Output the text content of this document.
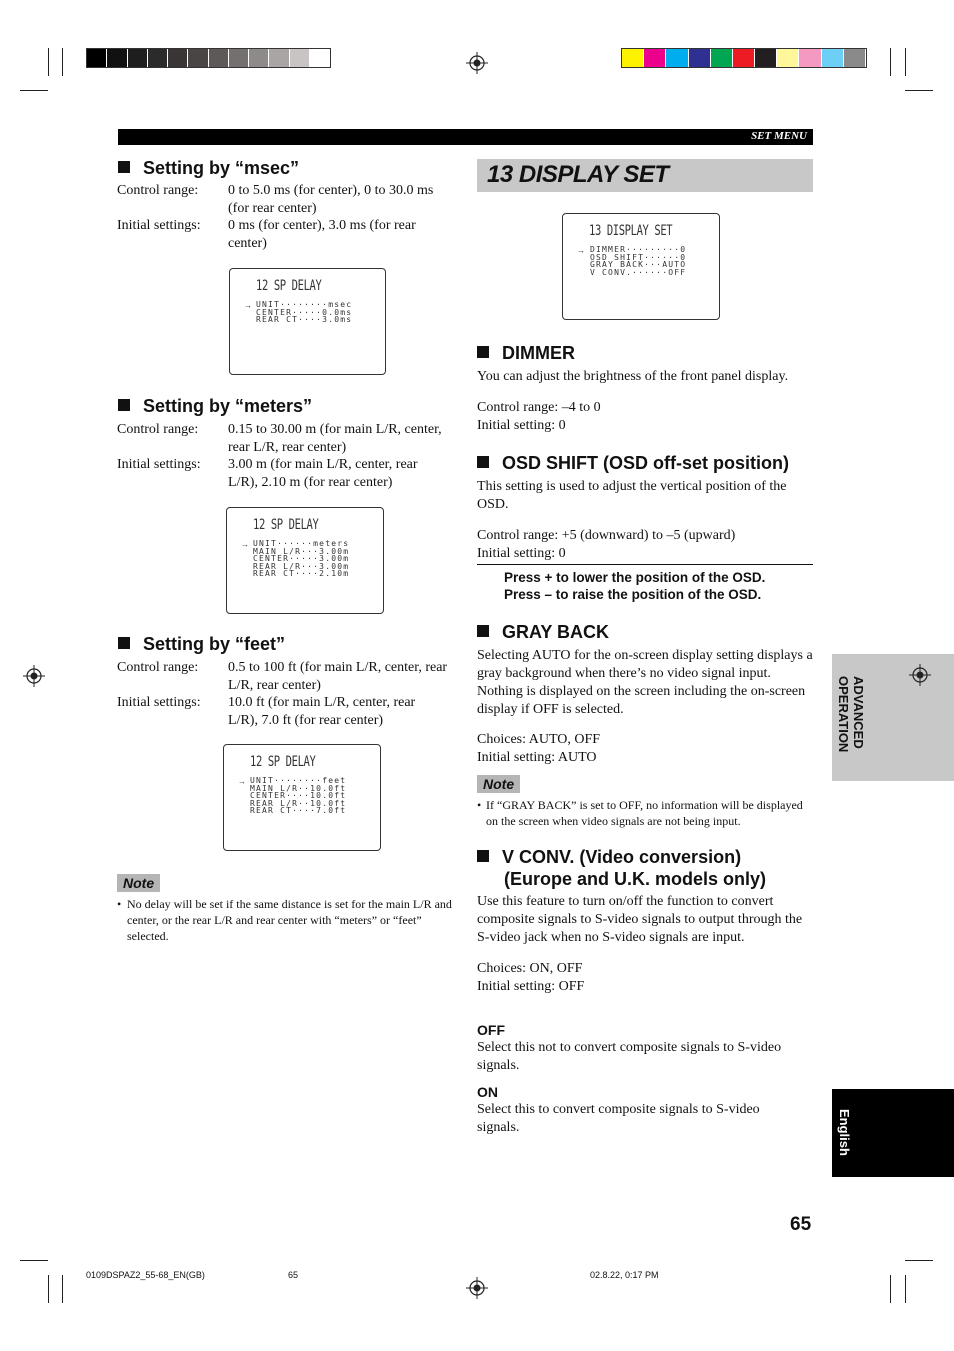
SET MENU
Setting by “msec”
Control range:	0 to 5.0 ms (for center), 0 to 30.0 ms (for rear center)
Initial settings:	0 ms (for center), 3.0 ms (for rear center)
12 SP DELAY
→ UNIT········msec
CENTER·····0.0ms
REAR CT····3.0ms
Setting by “meters”
Control range:	0.15 to 30.00 m (for main L/R, center, rear L/R, rear center)
Initial settings:	3.00 m (for main L/R, center, rear L/R), 2.10 m (for rear center)
12 SP DELAY
→ UNIT······meters
MAIN L/R···3.00m
CENTER·····3.00m
REAR L/R···3.00m
REAR CT····2.10m
Setting by “feet”
Control range:	0.5 to 100 ft (for main L/R, center, rear L/R, rear center)
Initial settings:	10.0 ft (for main L/R, center, rear L/R), 7.0 ft (for rear center)
12 SP DELAY
→ UNIT········feet
MAIN L/R··10.0ft
CENTER····10.0ft
REAR L/R··10.0ft
REAR CT····7.0ft
Note
• No delay will be set if the same distance is set for the main L/R and center, or the rear L/R and rear center with “meters” or “feet” selected.
13 DISPLAY SET
13 DISPLAY SET
→ DIMMER·········0
OSD SHIFT······0
GRAY BACK···AUTO
V CONV.······OFF
DIMMER
You can adjust the brightness of the front panel display.
Control range: –4 to 0
Initial setting: 0
OSD SHIFT (OSD off-set position)
This setting is used to adjust the vertical position of the OSD.
Control range: +5 (downward) to –5 (upward)
Initial setting: 0
Press + to lower the position of the OSD.
Press – to raise the position of the OSD.
GRAY BACK
Selecting AUTO for the on-screen display setting displays a gray background when there’s no video signal input. Nothing is displayed on the screen including the on-screen display if OFF is selected.
Choices: AUTO, OFF
Initial setting: AUTO
Note
• If “GRAY BACK” is set to OFF, no information will be displayed on the screen when video signals are not being input.
V CONV. (Video conversion)
(Europe and U.K. models only)
Use this feature to turn on/off the function to convert composite signals to S-video signals to output through the S-video jack when no S-video signals are input.
Choices: ON, OFF
Initial setting: OFF
OFF
Select this not to convert composite signals to S-video signals.
ON
Select this to convert composite signals to S-video signals.
ADVANCED OPERATION
English
65
0109DSPAZ2_55-68_EN(GB)	65	02.8.22, 0:17 PM
